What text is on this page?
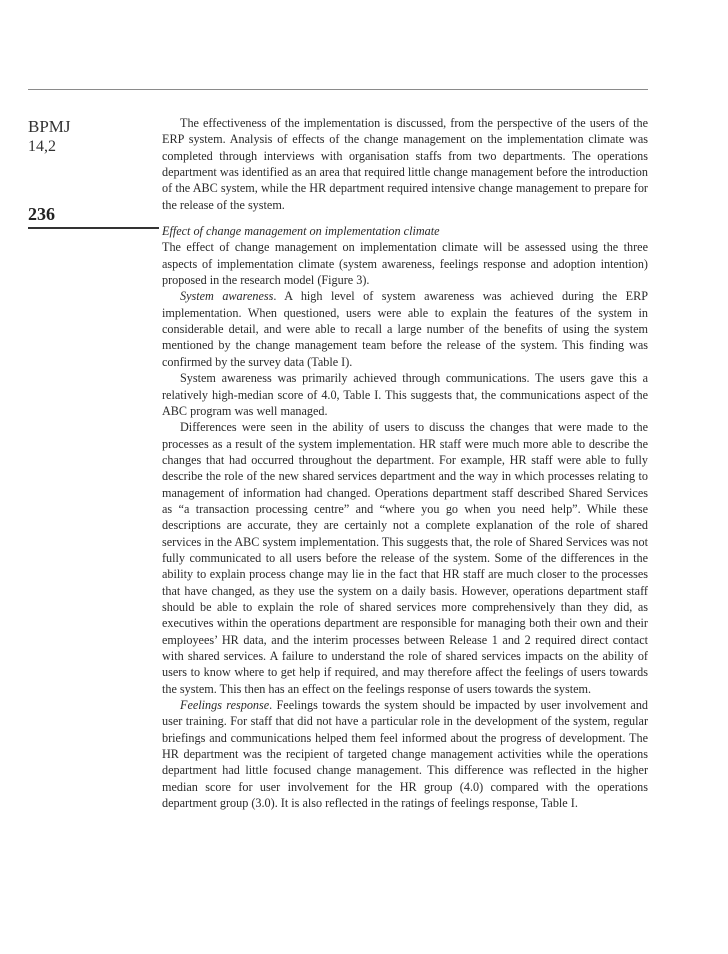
BPMJ
14,2
236

The effectiveness of the implementation is discussed, from the perspective of the users of the ERP system. Analysis of effects of the change management on the implementation climate was completed through interviews with organisation staffs from two departments. The operations department was identified as an area that required little change management before the introduction of the ABC system, while the HR department required intensive change management to prepare for the release of the system.

Effect of change management on implementation climate

The effect of change management on implementation climate will be assessed using the three aspects of implementation climate (system awareness, feelings response and adoption intention) proposed in the research model (Figure 3).

System awareness. A high level of system awareness was achieved during the ERP implementation. When questioned, users were able to explain the features of the system in considerable detail, and were able to recall a large number of the benefits of using the system mentioned by the change management team before the release of the system. This finding was confirmed by the survey data (Table I).

System awareness was primarily achieved through communications. The users gave this a relatively high-median score of 4.0, Table I. This suggests that, the communications aspect of the ABC program was well managed.

Differences were seen in the ability of users to discuss the changes that were made to the processes as a result of the system implementation. HR staff were much more able to describe the changes that had occurred throughout the department. For example, HR staff were able to fully describe the role of the new shared services department and the way in which processes relating to management of information had changed. Operations department staff described Shared Services as “a transaction processing centre” and “where you go when you need help”. While these descriptions are accurate, they are certainly not a complete explanation of the role of shared services in the ABC system implementation. This suggests that, the role of Shared Services was not fully communicated to all users before the release of the system. Some of the differences in the ability to explain process change may lie in the fact that HR staff are much closer to the processes that have changed, as they use the system on a daily basis. However, operations department staff should be able to explain the role of shared services more comprehensively than they did, as executives within the operations department are responsible for managing both their own and their employees’ HR data, and the interim processes between Release 1 and 2 required direct contact with shared services. A failure to understand the role of shared services impacts on the ability of users to know where to get help if required, and may therefore affect the feelings of users towards the system. This then has an effect on the feelings response of users towards the system.

Feelings response. Feelings towards the system should be impacted by user involvement and user training. For staff that did not have a particular role in the development of the system, regular briefings and communications helped them feel informed about the progress of development. The HR department was the recipient of targeted change management activities while the operations department had little focused change management. This difference was reflected in the higher median score for user involvement for the HR group (4.0) compared with the operations department group (3.0). It is also reflected in the ratings of feelings response, Table I.
